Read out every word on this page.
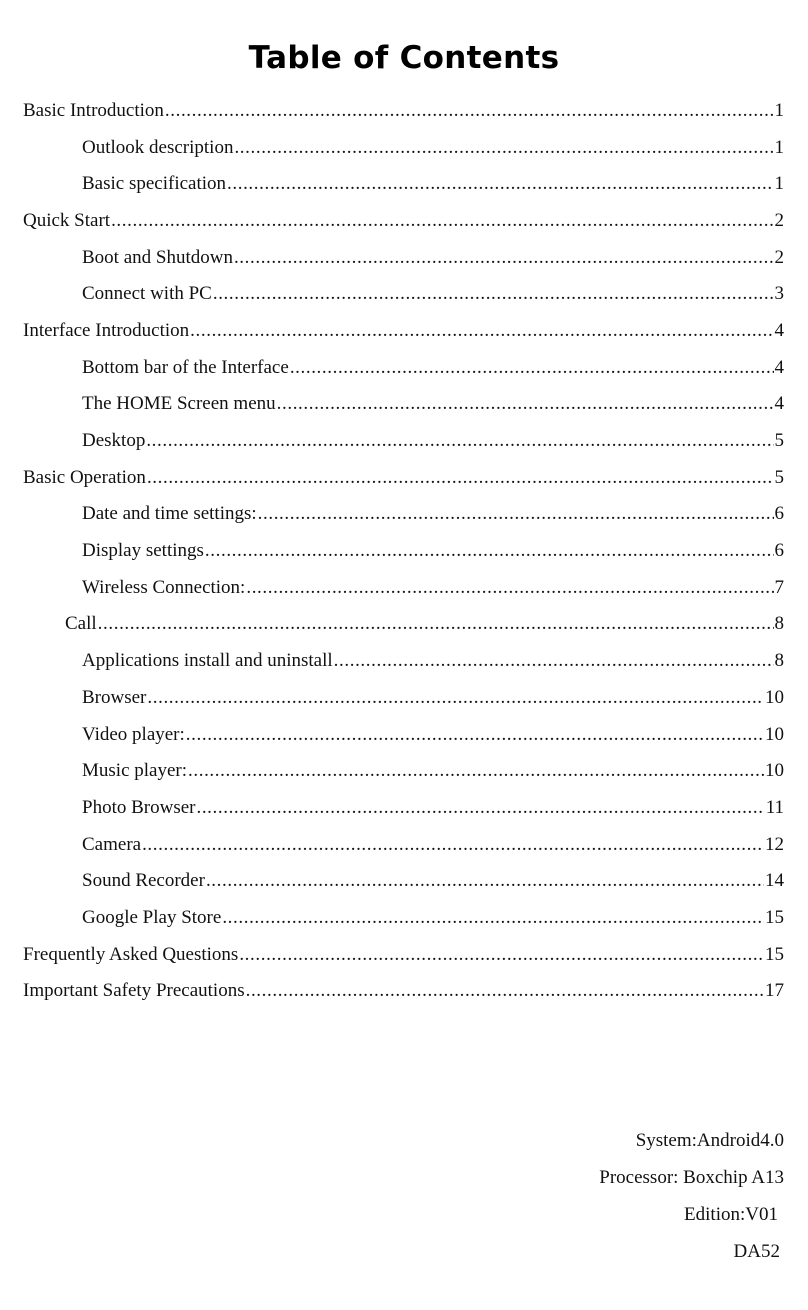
Table of Contents
Basic Introduction .....	1
Outlook description .....	1
Basic specification .....	1
Quick Start .....	2
Boot and Shutdown .....	2
Connect with PC .....	3
Interface Introduction .....	4
Bottom bar of the Interface .....	4
The HOME Screen menu .....	4
Desktop .....	5
Basic Operation .....	5
Date and time settings: .....	6
Display settings .....	6
Wireless Connection: .....	7
Call .....	8
Applications install and uninstall .....	8
Browser .....	10
Video player: .....	10
Music player: .....	10
Photo Browser .....	11
Camera .....	12
Sound Recorder .....	14
Google Play Store .....	15
Frequently Asked Questions .....	15
Important Safety Precautions .....	17
System:Android4.0
Processor: Boxchip A13
Edition:V01
DA52
